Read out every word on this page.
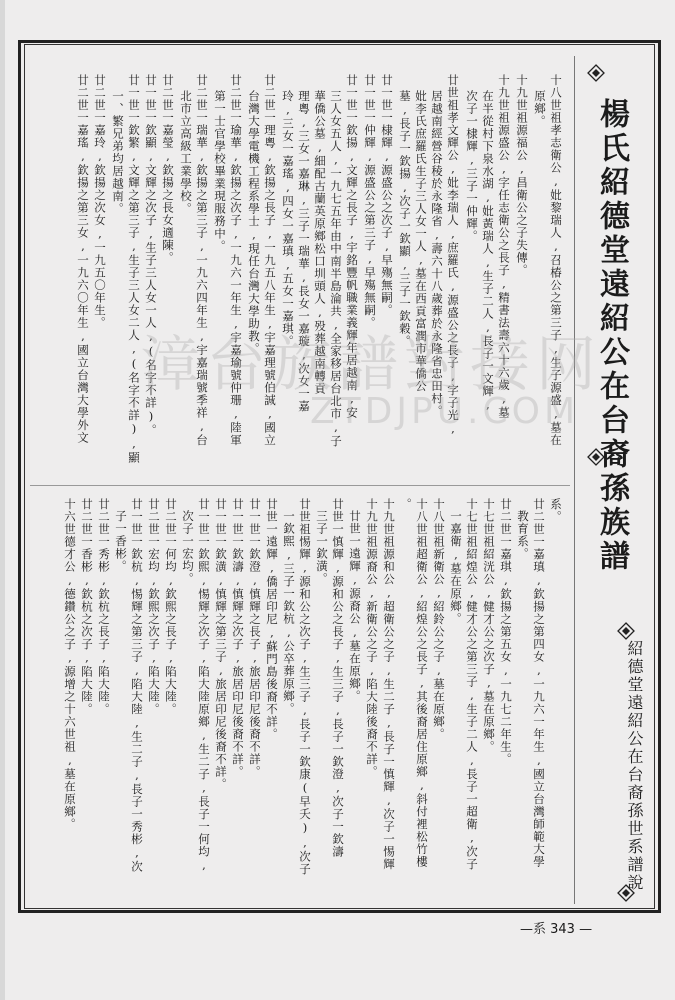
楊氏紹德堂遠紹公在台裔孫族譜
紹德堂遠紹公在台裔孫世系譜說
十八世祖孝志衛公,妣黎瑞人,召椿公之第三子,生子源盛,墓在
原鄉。
十九世祖源福公,昌衛公之子失傳。
十九世祖源盛公,字任志衛公之長子,精書法壽六十六歲,墓
在半從村下泉水湖,妣黃瑞人,生子二人,長子一文輝,
次子一棣輝,三子一仲輝。
廿世祖孝文輝公,妣李瑞人,庶羅氏,源盛公之長子,字子光,
居越南經營谷稜於永隆省,壽六十八歲葬於永隆省忠田村。
妣李氏庶羅氏生子三人女一人,墓在西貢富潤市華僑公
墓,長子一欽揚,次子一欽顯,三子一欽穀。
廿一世一棣輝,源盛公之次子,早殤無嗣。
廿一世一仲輝,源盛公之第三子,早殤無嗣。
廿一世一欽揚,文輝之長子,宇銘豐帆職業義輝年居越南,安
三人女五人,一九七五年由中南半島淪共,全家移居台北市,子
華僑公墓,細配古蘭英原鄉松口圳頭人,殁葬越南轉貢
理粵,三女一嘉琳,三子一瑞華,長女一嘉璇,次女一嘉
玲,三女一嘉瑤,四女一嘉瑱,五女一嘉琪。
廿二世一理粵,欽揚之長子,一九五八年生,宇嘉理號伯誠,國立
台灣大學電機工程系學士,現任台灣大學助教。
廿二世一瑜華,欽揚之次子,一九六一年生,宇嘉瑜號仲珊,陸軍
第一士官學校畢業現服務中。
廿二世一瑞華,欽揚之第三子,一九六四年生,宇嘉瑞號季祥,台
北市立高級工業學校。
廿二世一嘉瑩,欽揚之長女適陳。
廿一世一欽顯,文輝之次子,生子三人女一人,(名字不詳)。
廿一世一欽繁,文輝之第三子,生子三人女二人,(名字不詳),顯
一、繁兄弟均居越南。
廿二世一嘉玲,欽揚之次女,一九五〇年生。
廿二世一嘉瑤,欽揚之第三女,一九六〇年生,國立台灣大學外文
系。
廿二世一嘉瑱,欽揚之第四女,一九六一年生,國立台灣師範大學
教育系。
廿二世一嘉琪,欽揚之第五女,一九七二年生。
十七世祖紹洸公,健才公之次子,墓在原鄉。
十七世祖紹煌公,健才公之第三子,生子二人,長子一超衛,次子
一嘉衛,墓在原鄉。
十八世祖新衛公,紹鈴公之子,墓在原鄉。
十八世祖超衛公,紹煌公之長子,其後裔居住原鄉,斜付裡松竹樓
。
十九世祖源和公,超衛公之子,生二子,長子一慎輝,次子一惕輝
十九世祖源裔公,新衛公之子,陷大陸後裔不詳。
廿世一遠輝,源裔公,墓在原鄉。
廿世一慎輝,源和公之長子,生三子,長子一欽澄,次子一欽濤
三子一欽潢。
廿世祖惕輝,源和公之次子,生三子,長子一欽康(早夭),次子
一欽熙,三子一欽杭,公卒葬原鄉。
廿世一遠輝,僑居印尼,蘇門島後裔不詳。
廿一世一欽澄,慎輝之長子,旅居印尼後裔不詳。
廿一世一欽濤,慎輝之次子,旅居印尼後裔不詳。
廿一世一欽潢,慎輝之第三子,旅居印尼後裔不詳。
廿一世一欽熙,惕輝之次子,陷大陸原鄉,生二子,長子一何均,
次子一宏均。
廿二世一何均,欽熙之長子,陷大陸。
廿二世一宏均,欽熙之次子,陷大陸。
廿一世一欽杭,惕輝之第三子,陷大陸,生二子,長子一秀彬,次
子一香彬。
廿二世一秀彬,欽杭之長子,陷大陸。
廿二世一香彬,欽杭之次子,陷大陸。
十六世德才公,德鑽公之子,源增之十六世祖,墓在原鄉。
漳台族譜對接网
ZTDJPU.COM
—系 343 —
